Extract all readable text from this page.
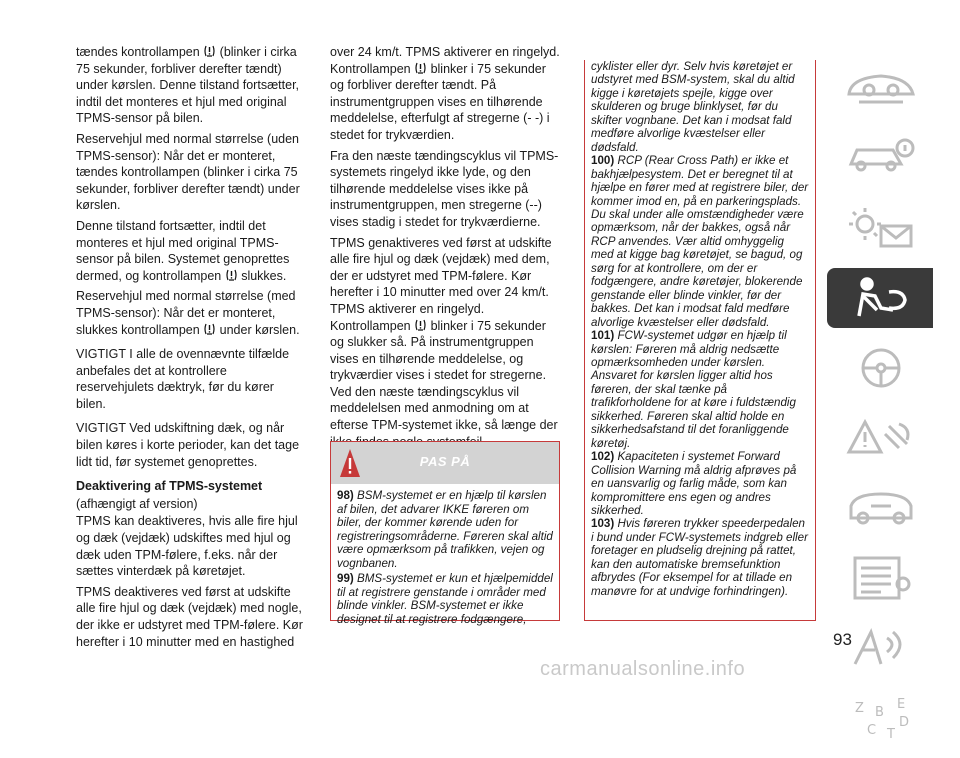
tændes kontrollampen (blinker i cirka 75 sekunder, forbliver derefter tændt) under kørslen. Denne tilstand fortsætter, indtil det monteres et hjul med original TPMS-sensor på bilen.

Reservehjul med normal størrelse (uden TPMS-sensor): Når det er monteret, tændes kontrollampen (blinker i cirka 75 sekunder, forbliver derefter tændt) under kørslen.

Denne tilstand fortsætter, indtil det monteres et hjul med original TPMS-sensor på bilen. Systemet genoprettes dermed, og kontrollampen slukkes.

Reservehjul med normal størrelse (med TPMS-sensor): Når det er monteret, slukkes kontrollampen under kørslen.

VIGTIGT I alle de ovennævnte tilfælde anbefales det at kontrollere reservehjulets dæktryk, før du kører bilen.

VIGTIGT Ved udskiftning dæk, og når bilen køres i korte perioder, kan det tage lidt tid, før systemet genoprettes.

Deaktivering af TPMS-systemet

(afhængigt af version)

TPMS kan deaktiveres, hvis alle fire hjul og dæk (vejdæk) udskiftes med hjul og dæk uden TPM-følere, f.eks. når der sættes vinterdæk på køretøjet.

TPMS deaktiveres ved først at udskifte alle fire hjul og dæk (vejdæk) med nogle, der ikke er udstyret med TPM-følere. Kør herefter i 10 minutter med en hastighed

over 24 km/t. TPMS aktiverer en ringelyd. Kontrollampen blinker i 75 sekunder og forbliver derefter tændt. På instrumentgruppen vises en tilhørende meddelelse, efterfulgt af stregerne (- -) i stedet for trykværdien.

Fra den næste tændingscyklus vil TPMS-systemets ringelyd ikke lyde, og den tilhørende meddelelse vises ikke på instrumentgruppen, men stregerne (--) vises stadig i stedet for trykværdierne.

TPMS genaktiveres ved først at udskifte alle fire hjul og dæk (vejdæk) med dem, der er udstyret med TPM-følere. Kør herefter i 10 minutter med over 24 km/t. TPMS aktiverer en ringelyd. Kontrollampen blinker i 75 sekunder og slukker så. På instrumentgruppen vises en tilhørende meddelelse, og trykværdier vises i stedet for stregerne. Ved den næste tændingscyklus vil meddelelsen med anmodning om at efterse TPM-systemet ikke, så længe der

PAS PÅ

98) BSM-systemet er en hjælp til kørslen af bilen, det advarer IKKE føreren om biler, der kommer kørende uden for registreringsområderne. Føreren skal altid være opmærksom på trafikken, vejen og vognbanen.

99) BMS-systemet er kun et hjælpemiddel til at registrere genstande i områder med blinde vinkler. BSM-systemet er ikke designet til at registrere fodgængere,

cyklister eller dyr. Selv hvis køretøjet er udstyret med BSM-system, skal du altid kigge i køretøjets spejle, kigge over skulderen og bruge blinklyset, før du skifter vognbane. Det kan i modsat fald medføre alvorlige kvæstelser eller dødsfald.

100) RCP (Rear Cross Path) er ikke et bakhjælpesystem. Det er beregnet til at hjælpe en fører med at registrere biler, der kommer imod en, på en parkeringsplads. Du skal under alle omstændigheder være opmærksom, når der bakkes, også når RCP anvendes. Vær altid omhyggelig med at kigge bag køretøjet, se bagud, og sørg for at kontrollere, om der er fodgængere, andre køretøjer, blokerende genstande eller blinde vinkler, før der bakkes. Det kan i modsat fald medføre alvorlige kvæstelser eller dødsfald.

101) FCW-systemet udgør en hjælp til kørslen: Føreren må aldrig nedsætte opmærksomheden under kørslen. Ansvaret for kørslen ligger altid hos føreren, der skal tænke på trafikforholdene for at køre i fuldstændig sikkerhed. Føreren skal altid holde en sikkerhedsafstand til det foranliggende køretøj.

102) Kapaciteten i systemet Forward Collision Warning må aldrig afprøves på en uansvarlig og farlig måde, som kan kompromittere ens egen og andres sikkerhed.

103) Hvis føreren trykker speederpedalen i bund under FCW-systemets indgreb eller foretager en pludselig drejning på rattet, kan den automatiske bremsefunktion afbrydes (For eksempel for at tillade en manøvre for at undvige forhindringen).

Z B
E
C
D
T
93
carmanualsonline.info
